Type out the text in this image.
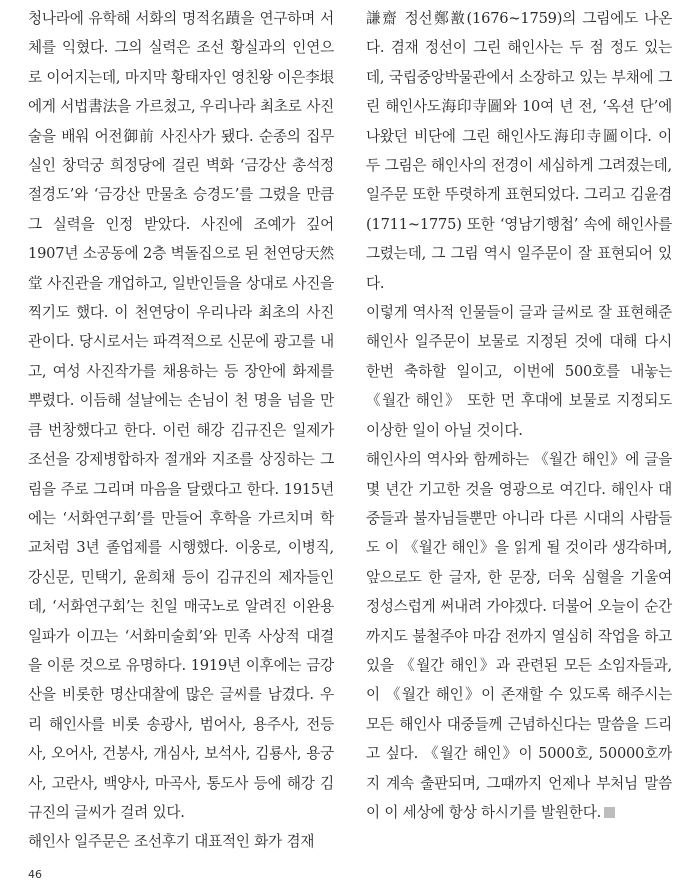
청나라에 유학해 서화의 명적名蹟을 연구하며 서체를 익혔다. 그의 실력은 조선 황실과의 인연으로 이어지는데, 마지막 황태자인 영친왕 이은李垠에게 서법書法을 가르쳤고, 우리나라 최초로 사진술을 배워 어전御前 사진사가 됐다. 순종의 집무실인 창덕궁 희정당에 걸린 벽화 ‘금강산 총석정 절경도’와 ‘금강산 만물초 승경도’를 그렸을 만큼 그 실력을 인정 받았다. 사진에 조예가 깊어 1907년 소공동에 2층 벽돌집으로 된 천연당天然堂 사진관을 개업하고, 일반인들을 상대로 사진을 찍기도 했다. 이 천연당이 우리나라 최초의 사진관이다. 당시로서는 파격적으로 신문에 광고를 내고, 여성 사진작가를 채용하는 등 장안에 화제를 뿌렸다. 이듬해 설날에는 손님이 천 명을 넘을 만큼 번창했다고 한다. 이런 해강 김규진은 일제가 조선을 강제병합하자 절개와 지조를 상징하는 그림을 주로 그리며 마음을 달랬다고 한다. 1915년에는 ‘서화연구회’를 만들어 후학을 가르치며 학교처럼 3년 졸업제를 시행했다. 이웅로, 이병직, 강신문, 민택기, 윤희채 등이 김규진의 제자들인데, ‘서화연구회’는 친일 매국노로 알려진 이완용 일파가 이끄는 ‘서화미술회’와 민족 사상적 대결을 이룬 것으로 유명하다. 1919년 이후에는 금강산을 비롯한 명산대찰에 많은 글씨를 남겼다. 우리 해인사를 비롯 송광사, 범어사, 용주사, 전등사, 오어사, 건봉사, 개심사, 보석사, 김룡사, 용궁사, 고란사, 백양사, 마곡사, 통도사 등에 해강 김규진의 글씨가 걸려 있다.

해인사 일주문은 조선후기 대표적인 화가 겸재

謙齋 정선鄭敾(1676~1759)의 그림에도 나온다. 겸재 정선이 그린 해인사는 두 점 정도 있는데, 국립중앙박물관에서 소장하고 있는 부채에 그린 해인사도海印寺圖와 10여 년 전, ‘옥션 단’에 나왔던 비단에 그린 해인사도海印寺圖이다. 이 두 그림은 해인사의 전경이 세심하게 그려졌는데, 일주문 또한 뚜렷하게 표현되었다. 그리고 김윤겸(1711~1775) 또한 ‘영남기행첩’ 속에 해인사를 그렸는데, 그 그림 역시 일주문이 잘 표현되어 있다.

이렇게 역사적 인물들이 글과 글씨로 잘 표현해준 해인사 일주문이 보물로 지정된 것에 대해 다시 한번 축하할 일이고, 이번에 500호를 내놓는 《월간 해인》 또한 먼 후대에 보물로 지정되도 이상한 일이 아닐 것이다.

해인사의 역사와 함께하는 《월간 해인》에 글을 몇 년간 기고한 것을 영광으로 여긴다. 해인사 대중들과 불자님들뿐만 아니라 다른 시대의 사람들도 이 《월간 해인》을 읽게 될 것이라 생각하며, 앞으로도 한 글자, 한 문장, 더욱 심혈을 기울여 정성스럽게 써내려 가야겠다. 더불어 오늘이 순간까지도 불철주야 마감 전까지 열심히 작업을 하고 있을 《월간 해인》과 관련된 모든 소임자들과, 이 《월간 해인》이 존재할 수 있도록 해주시는 모든 해인사 대중들께 근념하신다는 말씀을 드리고 싶다. 《월간 해인》이 5000호, 50000호까지 계속 출판되며, 그때까지 언제나 부처님 말씀이 이 세상에 항상 하시기를 발원한다.

46
